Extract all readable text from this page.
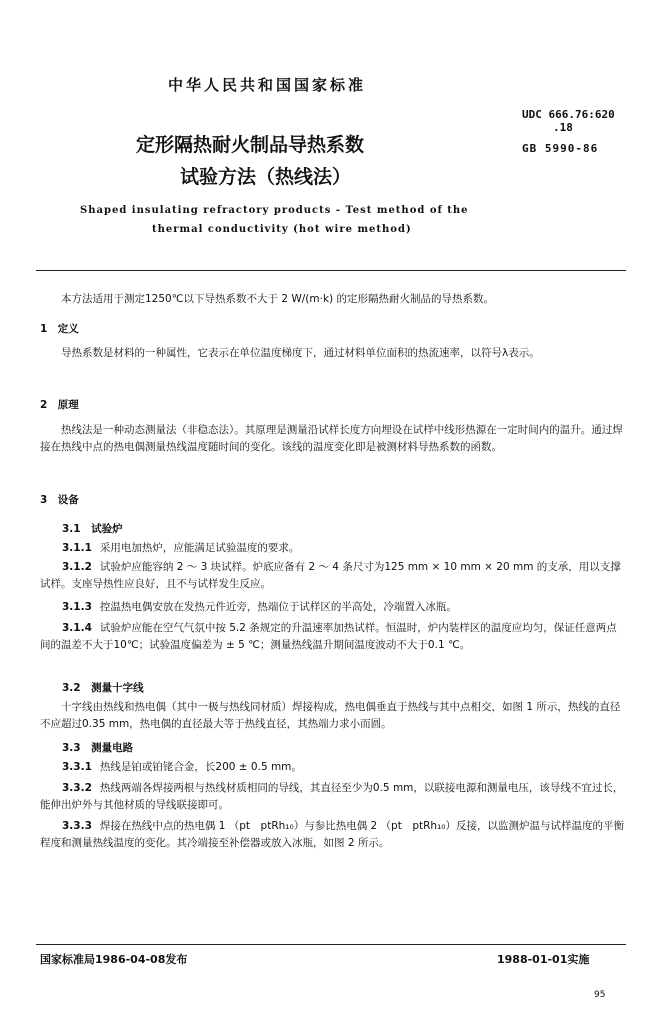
中华人民共和国国家标准
UDC 666.76:620
.18
GB 5990-86
定形隔热耐火制品导热系数
试验方法（热线法）
Shaped insulating refractory products - Test method of the
thermal conductivity (hot wire method)
本方法适用于测定1250℃以下导热系数不大于 2 W/(m·k) 的定形隔热耐火制品的导热系数。
1　定义
导热系数是材料的一种属性，它表示在单位温度梯度下，通过材料单位面积的热流速率，以符号λ表示。
2　原理
热线法是一种动态测量法（非稳态法）。其原理是测量沿试样长度方向埋设在试样中线形热源在一定时间内的温升。通过焊接在热线中点的热电偶测量热线温度随时间的变化。该线的温度变化即是被测材料导热系数的函数。
3　设备
3.1　试验炉
3.1.1 采用电加热炉，应能满足试验温度的要求。
3.1.2 试验炉应能容纳 2 ～ 3 块试样。炉底应备有 2 ～ 4 条尺寸为125 mm × 10 mm × 20 mm 的支承，用以支撑试样。支座导热性应良好，且不与试样发生反应。
3.1.3 控温热电偶安放在发热元件近旁，热端位于试样区的半高处，冷端置入冰瓶。
3.1.4 试验炉应能在空气气氛中按 5.2 条规定的升温速率加热试样。恒温时，炉内装样区的温度应均匀，保证任意两点间的温差不大于10℃；试验温度偏差为 ± 5 ℃；测量热线温升期间温度波动不大于0.1 ℃。
3.2　测量十字线
十字线由热线和热电偶（其中一极与热线同材质）焊接构成，热电偶垂直于热线与其中点相交，如图 1 所示，热线的直径不应超过0.35 mm，热电偶的直径最大等于热线直径，其热端力求小而圆。
3.3　测量电路
3.3.1 热线是铂或铂铑合金，长200 ± 0.5 mm。
3.3.2 热线两端各焊接两根与热线材质相同的导线，其直径至少为0.5 mm，以联接电源和测量电压，该导线不宜过长，能伸出炉外与其他材质的导线联接即可。
3.3.3 焊接在热线中点的热电偶 1 （pt　ptRh₁₀）与参比热电偶 2 （pt　ptRh₁₀）反接，以监测炉温与试样温度的平衡程度和测量热线温度的变化。其冷端接至补偿器或放入冰瓶，如图 2 所示。
国家标准局1986-04-08发布	1988-01-01实施
95
